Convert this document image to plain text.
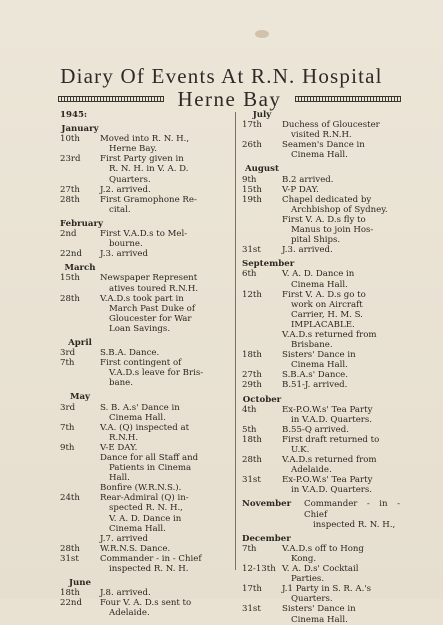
Diary Of Events At R.N. Hospital
Herne Bay
1945:
January
10th	Moved into R. N. H.,
Herne Bay.
23rd	First Party given in
R. N. H. in V. A. D.
Quarters.
27th	J.2. arrived.
28th	First Gramophone Re-
cital.
February
2nd	First V.A.D.s to Mel-
bourne.
22nd	J.3. arrived
March
15th	Newspaper Represent
atives toured R.N.H.
28th	V.A.D.s took part in
March Past Duke of
Gloucester for War
Loan Savings.
April
3rd	S.B.A. Dance.
7th	First contingent of
V.A.D.s leave for Bris-
bane.
May
3rd	S. B. A.s' Dance in
Cinema Hall.
7th	V.A. (Q) inspected at
R.N.H.
9th	V-E DAY.
Dance for all Staff and
Patients in Cinema
Hall.
Bonfire (W.R.N.S.).
24th	Rear-Admiral (Q) in-
spected R. N. H.,
V. A. D. Dance in
Cinema Hall.
J.7. arrived
28th	W.R.N.S. Dance.
31st	Commander - in - Chief
inspected R. N. H.
June
18th	J.8. arrived.
22nd	Four V. A. D.s sent to
Adelaide.
July
17th	Duchess of Gloucester
visited R.N.H.
26th	Seamen's Dance in
Cinema Hall.
August
9th	B.2 arrived.
15th	V-P DAY.
19th	Chapel dedicated by
Archbishop of Sydney.
First V. A. D.s fly to
Manus to join Hos-
pital Ships.
31st	J.3. arrived.
September
6th	V. A. D. Dance in
Cinema Hall.
12th	First V. A. D.s go to
work on Aircraft
Carrier, H. M. S.
IMPLACABLE.
V.A.D.s returned from
Brisbane.
18th	Sisters' Dance in
Cinema Hall.
27th	S.B.A.s' Dance.
29th	B.51-J. arrived.
October
4th	Ex-P.O.W.s' Tea Party
in V.A.D. Quarters.
5th	B.55-Q arrived.
18th	First draft returned to
U.K.
28th	V.A.D.s returned from
Adelaide.
31st	Ex-P.O.W.s' Tea Party
in V.A.D. Quarters.
November	Commander - in - Chief
inspected R. N. H.,
December
7th	V.A.D.s off to Hong
Kong.
12-13th V. A. D.s' Cocktail
Parties.
17th	J.1 Party in S. R. A.'s
Quarters.
31st	Sisters' Dance in
Cinema Hall.
